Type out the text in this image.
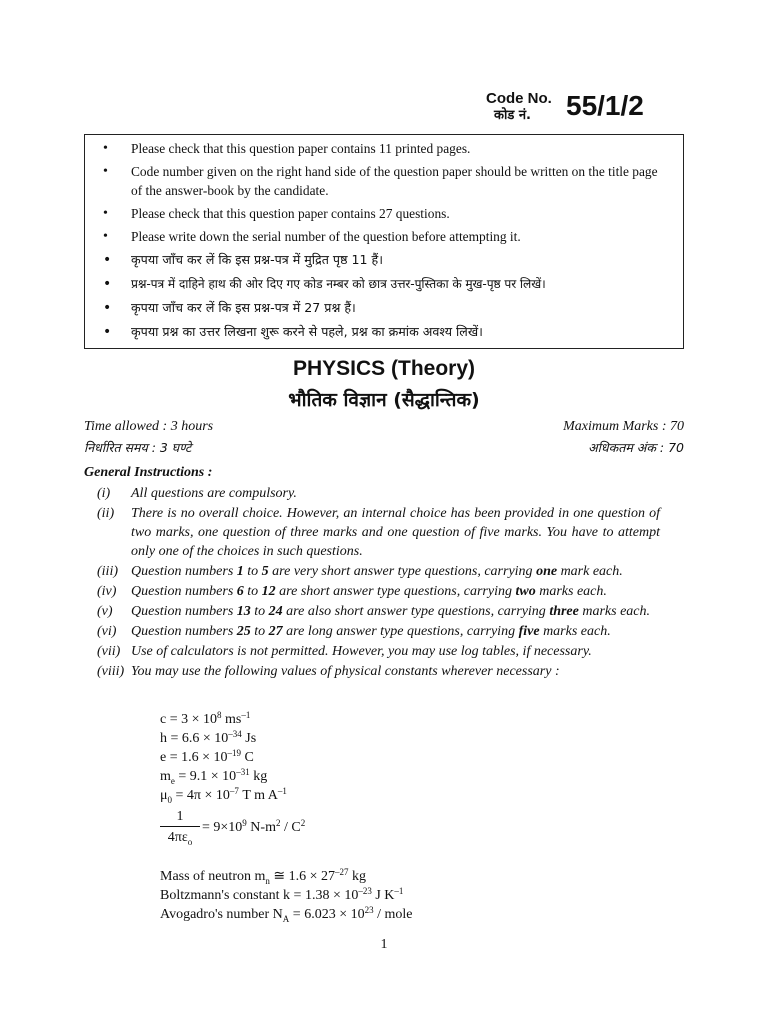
Code No.
कोड नं. 55/1/2
• Please check that this question paper contains 11 printed pages.
• Code number given on the right hand side of the question paper should be written on the title page of the answer-book by the candidate.
• Please check that this question paper contains 27 questions.
• Please write down the serial number of the question before attempting it.
• कृपया जाँच कर लें कि इस प्रश्न-पत्र में मुद्रित पृष्ठ 11 हैं।
• प्रश्न-पत्र में दाहिने हाथ की ओर दिए गए कोड नम्बर को छात्र उत्तर-पुस्तिका के मुख-पृष्ठ पर लिखें।
• कृपया जाँच कर लें कि इस प्रश्न-पत्र में 27 प्रश्न हैं।
• कृपया प्रश्न का उत्तर लिखना शुरू करने से पहले, प्रश्न का क्रमांक अवश्य लिखें।
PHYSICS (Theory)
भौतिक विज्ञान (सैद्धान्तिक)
Time allowed : 3 hours	Maximum Marks : 70
निर्धारित समय : 3 घण्टे	अधिकतम अंक : 70
General Instructions :
(i) All questions are compulsory.
(ii) There is no overall choice. However, an internal choice has been provided in one question of two marks, one question of three marks and one question of five marks. You have to attempt only one of the choices in such questions.
(iii) Question numbers 1 to 5 are very short answer type questions, carrying one mark each.
(iv) Question numbers 6 to 12 are short answer type questions, carrying two marks each.
(v) Question numbers 13 to 24 are also short answer type questions, carrying three marks each.
(vi) Question numbers 25 to 27 are long answer type questions, carrying five marks each.
(vii) Use of calculators is not permitted. However, you may use log tables, if necessary.
(viii) You may use the following values of physical constants wherever necessary :
$c = 3 \times 10^8$ $ms^{-1}$
$h = 6.6 \times 10^{-34}$ Js
$e = 1.6 \times 10^{-19}$ C
$m_e = 9.1 \times 10^{-31}$ kg
$\mu_0 = 4\pi \times 10^{-7}$ T m $A^{-1}$
1
$4\pi\varepsilon_o$
= $9\times 10^9$ $N-m^2 / C^2$
Mass of neutron $m_n$ ≅ $1.6 \times 27^{-27}$ kg
Boltzmann's constant $k = 1.38 \times 10^{-23}$ J $K^{-1}$
Avogadro's number $N_A = 6.023 \times 10^{23}$ / mole
1
